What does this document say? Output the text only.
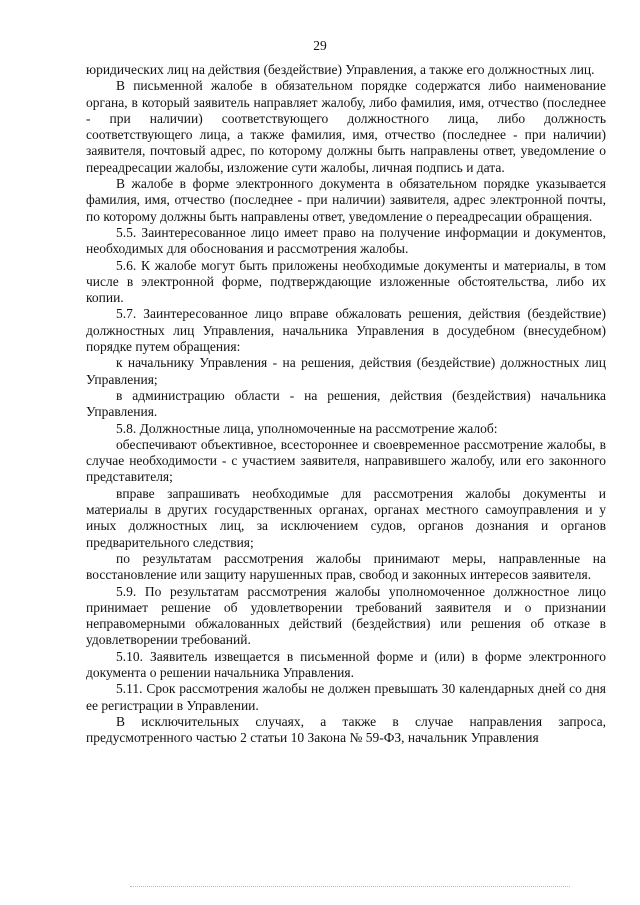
29

юридических лиц на действия (бездействие) Управления, а также его должностных лиц.

В письменной жалобе в обязательном порядке содержатся либо наименование органа, в который заявитель направляет жалобу, либо фамилия, имя, отчество (последнее - при наличии) соответствующего должностного лица, либо должность соответствующего лица, а также фамилия, имя, отчество (последнее - при наличии) заявителя, почтовый адрес, по которому должны быть направлены ответ, уведомление о переадресации жалобы, изложение сути жалобы, личная подпись и дата.

В жалобе в форме электронного документа в обязательном порядке указывается фамилия, имя, отчество (последнее - при наличии) заявителя, адрес электронной почты, по которому должны быть направлены ответ, уведомление о переадресации обращения.

5.5. Заинтересованное лицо имеет право на получение информации и документов, необходимых для обоснования и рассмотрения жалобы.

5.6. К жалобе могут быть приложены необходимые документы и материалы, в том числе в электронной форме, подтверждающие изложенные обстоятельства, либо их копии.

5.7. Заинтересованное лицо вправе обжаловать решения, действия (бездействие) должностных лиц Управления, начальника Управления в досудебном (внесудебном) порядке путем обращения:

к начальнику Управления - на решения, действия (бездействие) должностных лиц Управления;

в администрацию области - на решения, действия (бездействия) начальника Управления.

5.8. Должностные лица, уполномоченные на рассмотрение жалоб:

обеспечивают объективное, всестороннее и своевременное рассмотрение жалобы, в случае необходимости - с участием заявителя, направившего жалобу, или его законного представителя;

вправе запрашивать необходимые для рассмотрения жалобы документы и материалы в других государственных органах, органах местного самоуправления и у иных должностных лиц, за исключением судов, органов дознания и органов предварительного следствия;

по результатам рассмотрения жалобы принимают меры, направленные на восстановление или защиту нарушенных прав, свобод и законных интересов заявителя.

5.9. По результатам рассмотрения жалобы уполномоченное должностное лицо принимает решение об удовлетворении требований заявителя и о признании неправомерными обжалованных действий (бездействия) или решения об отказе в удовлетворении требований.

5.10. Заявитель извещается в письменной форме и (или) в форме электронного документа о решении начальника Управления.

5.11. Срок рассмотрения жалобы не должен превышать 30 календарных дней со дня ее регистрации в Управлении.

В исключительных случаях, а также в случае направления запроса, предусмотренного частью 2 статьи 10 Закона № 59-ФЗ, начальник Управления
